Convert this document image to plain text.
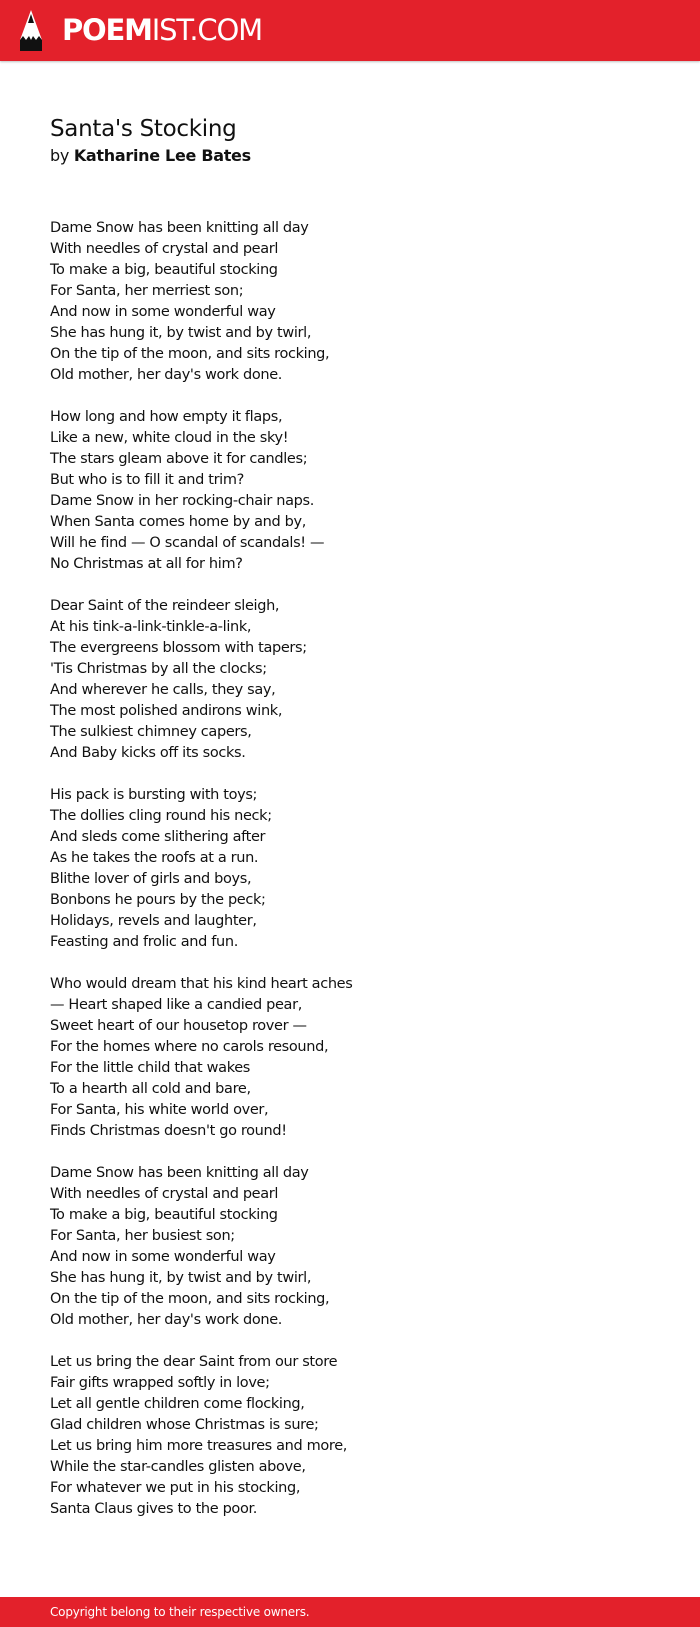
POEMIST.COM
Santa's Stocking
by Katharine Lee Bates
Dame Snow has been knitting all day
With needles of crystal and pearl
To make a big, beautiful stocking
For Santa, her merriest son;
And now in some wonderful way
She has hung it, by twist and by twirl,
On the tip of the moon, and sits rocking,
Old mother, her day's work done.
How long and how empty it flaps,
Like a new, white cloud in the sky!
The stars gleam above it for candles;
But who is to fill it and trim?
Dame Snow in her rocking-chair naps.
When Santa comes home by and by,
Will he find — O scandal of scandals! —
No Christmas at all for him?
Dear Saint of the reindeer sleigh,
At his tink-a-link-tinkle-a-link,
The evergreens blossom with tapers;
'Tis Christmas by all the clocks;
And wherever he calls, they say,
The most polished andirons wink,
The sulkiest chimney capers,
And Baby kicks off its socks.
His pack is bursting with toys;
The dollies cling round his neck;
And sleds come slithering after
As he takes the roofs at a run.
Blithe lover of girls and boys,
Bonbons he pours by the peck;
Holidays, revels and laughter,
Feasting and frolic and fun.
Who would dream that his kind heart aches
— Heart shaped like a candied pear,
Sweet heart of our housetop rover —
For the homes where no carols resound,
For the little child that wakes
To a hearth all cold and bare,
For Santa, his white world over,
Finds Christmas doesn't go round!
Dame Snow has been knitting all day
With needles of crystal and pearl
To make a big, beautiful stocking
For Santa, her busiest son;
And now in some wonderful way
She has hung it, by twist and by twirl,
On the tip of the moon, and sits rocking,
Old mother, her day's work done.
Let us bring the dear Saint from our store
Fair gifts wrapped softly in love;
Let all gentle children come flocking,
Glad children whose Christmas is sure;
Let us bring him more treasures and more,
While the star-candles glisten above,
For whatever we put in his stocking,
Santa Claus gives to the poor.
Copyright belong to their respective owners.
